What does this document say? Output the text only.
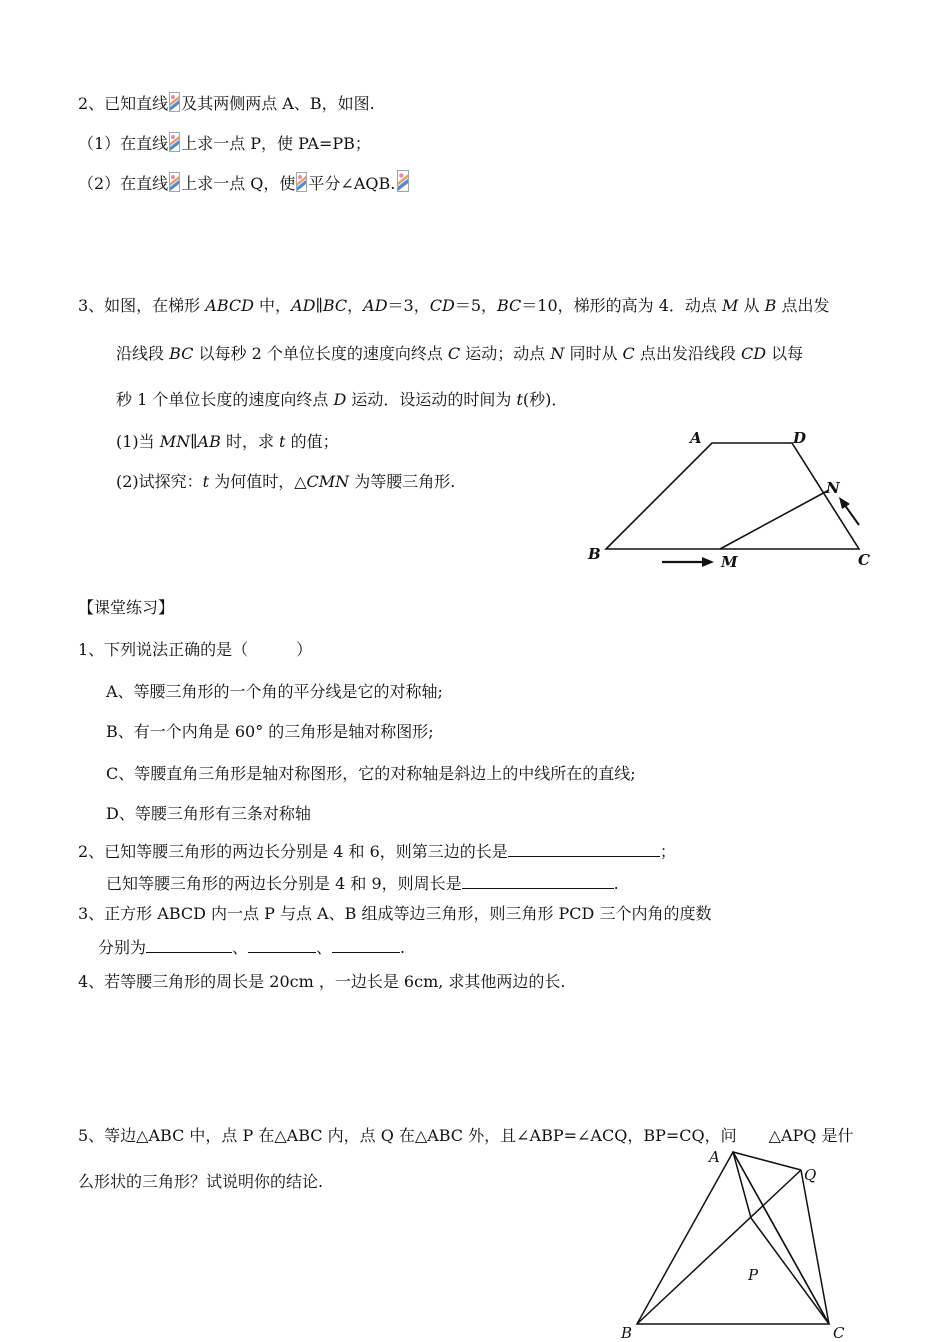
2、已知直线 及其两侧两点 A、B，如图.
（1）在直线 上求一点 P，使 PA=PB；
（2）在直线 上求一点 Q，使 平分∠AQB.
3、如图，在梯形 ABCD 中，AD∥BC，AD＝3，CD＝5，BC＝10，梯形的高为 4．动点 M 从 B 点出发
沿线段 BC 以每秒 2 个单位长度的速度向终点 C 运动；动点 N 同时从 C 点出发沿线段 CD 以每
秒 1 个单位长度的速度向终点 D 运动．设运动的时间为 t(秒)．
(1)当 MN∥AB 时，求 t 的值；
(2)试探究：t 为何值时，△CMN 为等腰三角形.
A	D
N
B	M	C
【课堂练习】
1、下列说法正确的是（　　　）
A、等腰三角形的一个角的平分线是它的对称轴;
B、有一个内角是 60° 的三角形是轴对称图形;
C、等腰直角三角形是轴对称图形，它的对称轴是斜边上的中线所在的直线;
D、等腰三角形有三条对称轴
2、已知等腰三角形的两边长分别是 4 和 6，则第三边的长是	；
已知等腰三角形的两边长分别是 4 和 9，则周长是	.
3、正方形 ABCD 内一点 P 与点 A、B 组成等边三角形，则三角形 PCD 三个内角的度数
分别为	、	、	.
4、若等腰三角形的周长是 20cm ，一边长是 6cm, 求其他两边的长.
5、等边△ABC 中，点 P 在△ABC 内，点 Q 在△ABC 外，且∠ABP=∠ACQ，BP=CQ，问　　△APQ 是什
么形状的三角形？试说明你的结论.
A
Q
P
B	C
